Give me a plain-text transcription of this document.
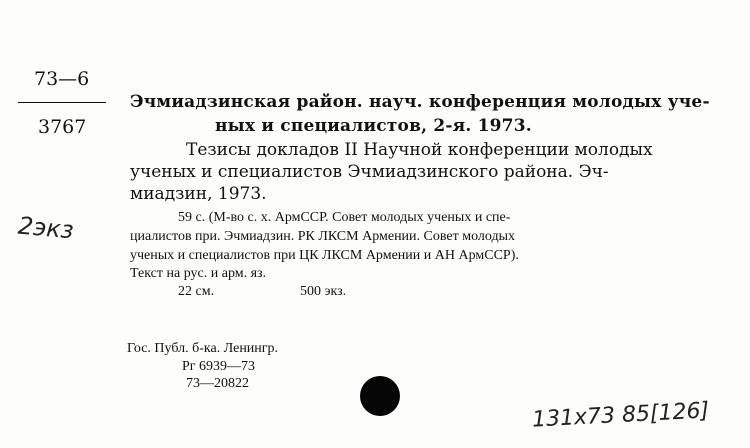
73—6
3767
2экз
Эчмиадзинская район. науч. конференция молодых уче-
ных и специалистов, 2-я. 1973.
Тезисы докладов II Научной конференции молодых
ученых и специалистов Эчмиадзинского района. Эч-
миадзин, 1973.
59 с. (М-во с. х. АрмССР. Совет молодых ученых и спе-
циалистов при. Эчмиадзин. РК ЛКСМ Армении. Совет молодых
ученых и специалистов при ЦК ЛКСМ Армении и АН АрмССР).
Текст на рус. и арм. яз.
22 см.	500 экз.
Гос. Публ. б-ка. Ленингр.
Рг 6939—73
73—20822
131x73 85[126]
